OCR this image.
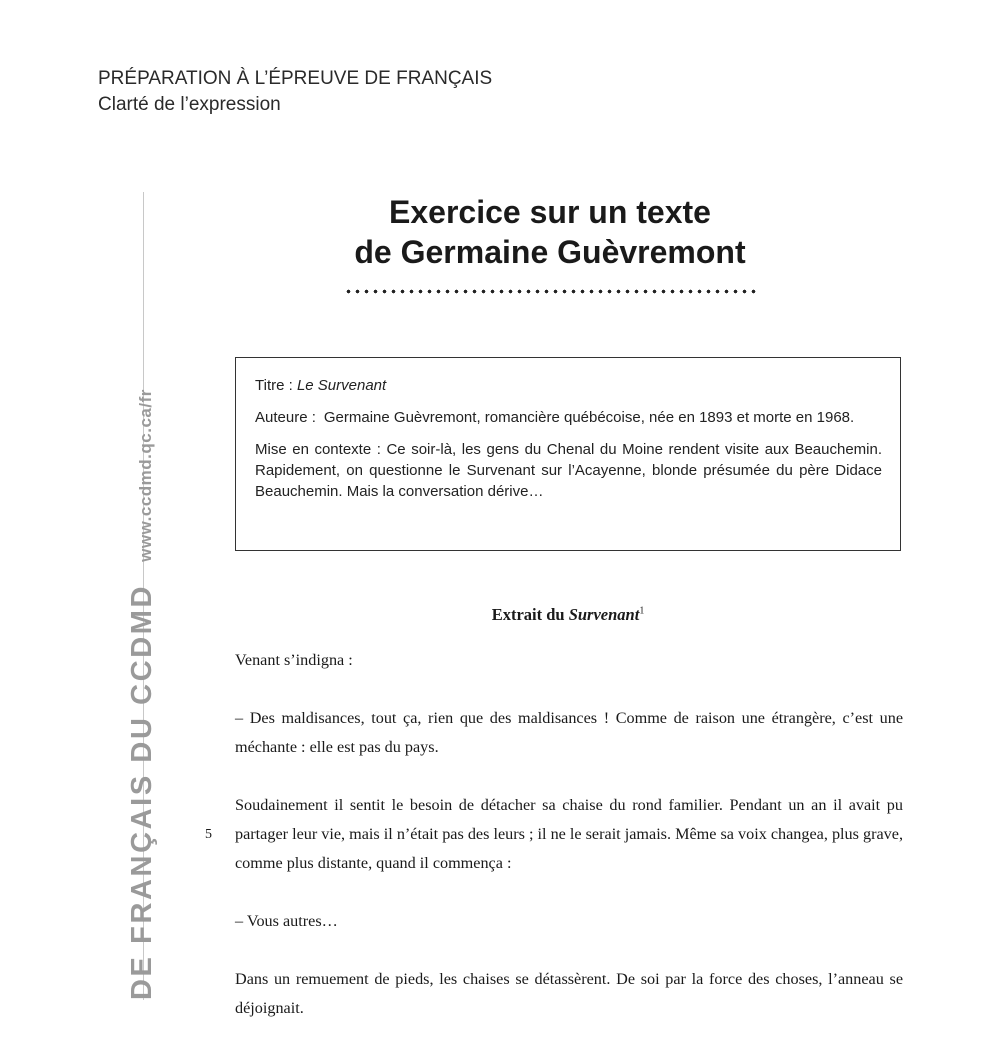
PRÉPARATION À L’ÉPREUVE DE FRANÇAIS
Clarté de l’expression
DE FRANÇAIS DU CCDMDwww.ccdmd.qc.ca/fr
Exercice sur un texte
de Germaine Guèvremont

Titre : Le Survenant

Auteure : Germaine Guèvremont, romancière québécoise, née en 1893 et morte en 1968.

Mise en contexte : Ce soir-là, les gens du Chenal du Moine rendent visite aux Beauchemin. Rapidement, on questionne le Survenant sur l’Acayenne, blonde présumée du père Didace Beauchemin. Mais la conversation dérive…

Extrait du Survenant$^1$

Venant s’indigna :

– Des maldisances, tout ça, rien que des maldisances ! Comme de raison une étrangère, c’est une méchante : elle est pas du pays.

5
Soudainement il sentit le besoin de détacher sa chaise du rond familier. Pendant un an il avait pu partager leur vie, mais il n’était pas des leurs ; il ne le serait jamais. Même sa voix changea, plus grave, comme plus distante, quand il commença :

– Vous autres…

Dans un remuement de pieds, les chaises se détassèrent. De soi par la force des choses, l’anneau se déjoignait.
